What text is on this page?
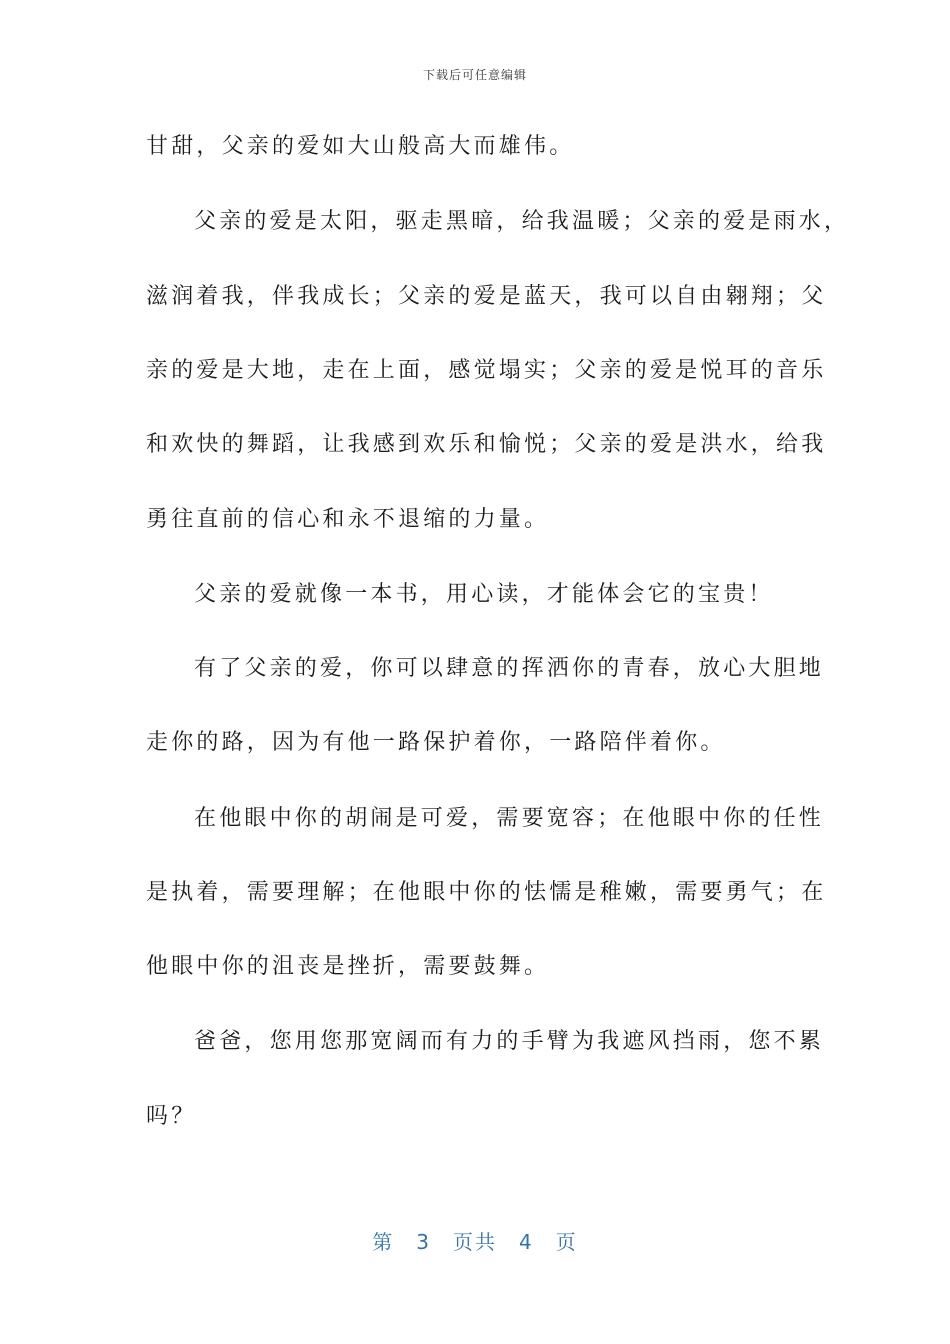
下载后可任意编辑
甘甜，父亲的爱如大山般高大而雄伟。
父亲的爱是太阳，驱走黑暗，给我温暖；父亲的爱是雨水，
滋润着我，伴我成长；父亲的爱是蓝天，我可以自由翱翔；父
亲的爱是大地，走在上面，感觉塌实；父亲的爱是悦耳的音乐
和欢快的舞蹈，让我感到欢乐和愉悦；父亲的爱是洪水，给我
勇往直前的信心和永不退缩的力量。
父亲的爱就像一本书，用心读，才能体会它的宝贵！
有了父亲的爱，你可以肆意的挥洒你的青春，放心大胆地
走你的路，因为有他一路保护着你，一路陪伴着你。
在他眼中你的胡闹是可爱，需要宽容；在他眼中你的任性
是执着，需要理解；在他眼中你的怯懦是稚嫩，需要勇气；在
他眼中你的沮丧是挫折，需要鼓舞。
爸爸，您用您那宽阔而有力的手臂为我遮风挡雨，您不累
吗？
第 3 页共 4 页
